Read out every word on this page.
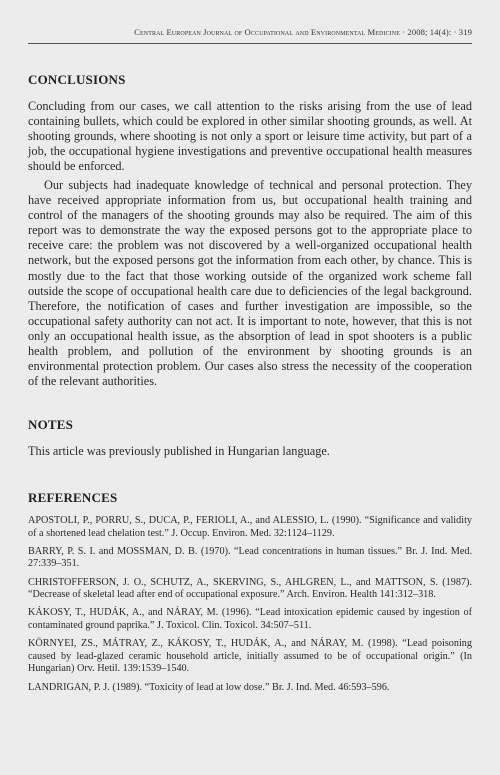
Central European Journal of Occupational and Environmental Medicine · 2008; 14(4): · 319
CONCLUSIONS

Concluding from our cases, we call attention to the risks arising from the use of lead containing bullets, which could be explored in other similar shooting grounds, as well. At shooting grounds, where shooting is not only a sport or leisure time activity, but part of a job, the occupational hygiene investigations and preventive occupational health measures should be enforced.

Our subjects had inadequate knowledge of technical and personal protection. They have received appropriate information from us, but occupational health training and control of the managers of the shooting grounds may also be required. The aim of this report was to demonstrate the way the exposed persons got to the appropriate place to receive care: the problem was not discovered by a well-organized occupational health network, but the exposed persons got the information from each other, by chance. This is mostly due to the fact that those working outside of the organized work scheme fall outside the scope of occupational health care due to deficiencies of the legal background. Therefore, the notification of cases and further investigation are impossible, so the occupational safety authority can not act. It is important to note, however, that this is not only an occupational health issue, as the absorption of lead in spot shooters is a public health problem, and pollution of the environment by shooting grounds is an environmental protection problem. Our cases also stress the necessity of the cooperation of the relevant authorities.

NOTES

This article was previously published in Hungarian language.

REFERENCES
APOSTOLI, P., PORRU, S., DUCA, P., FERIOLI, A., and ALESSIO, L. (1990). “Significance and validity of a shortened lead chelation test.” J. Occup. Environ. Med. 32:1124–1129.
BARRY, P. S. I. and MOSSMAN, D. B. (1970). “Lead concentrations in human tissues.” Br. J. Ind. Med. 27:339–351.
CHRISTOFFERSON, J. O., SCHUTZ, A., SKERVING, S., AHLGREN, L., and MATTSON, S. (1987). “Decrease of skeletal lead after end of occupational exposure.” Arch. Environ. Health 141:312–318.
KÁKOSY, T., HUDÁK, A., and NÁRAY, M. (1996). “Lead intoxication epidemic caused by ingestion of contaminated ground paprika.” J. Toxicol. Clin. Toxicol. 34:507–511.
KÖRNYEI, ZS., MÁTRAY, Z., KÁKOSY, T., HUDÁK, A., and NÁRAY, M. (1998). “Lead poisoning caused by lead-glazed ceramic household article, initially assumed to be of occupational origin.” (In Hungarian) Orv. Hetil. 139:1539–1540.
LANDRIGAN, P. J. (1989). “Toxicity of lead at low dose.” Br. J. Ind. Med. 46:593–596.
